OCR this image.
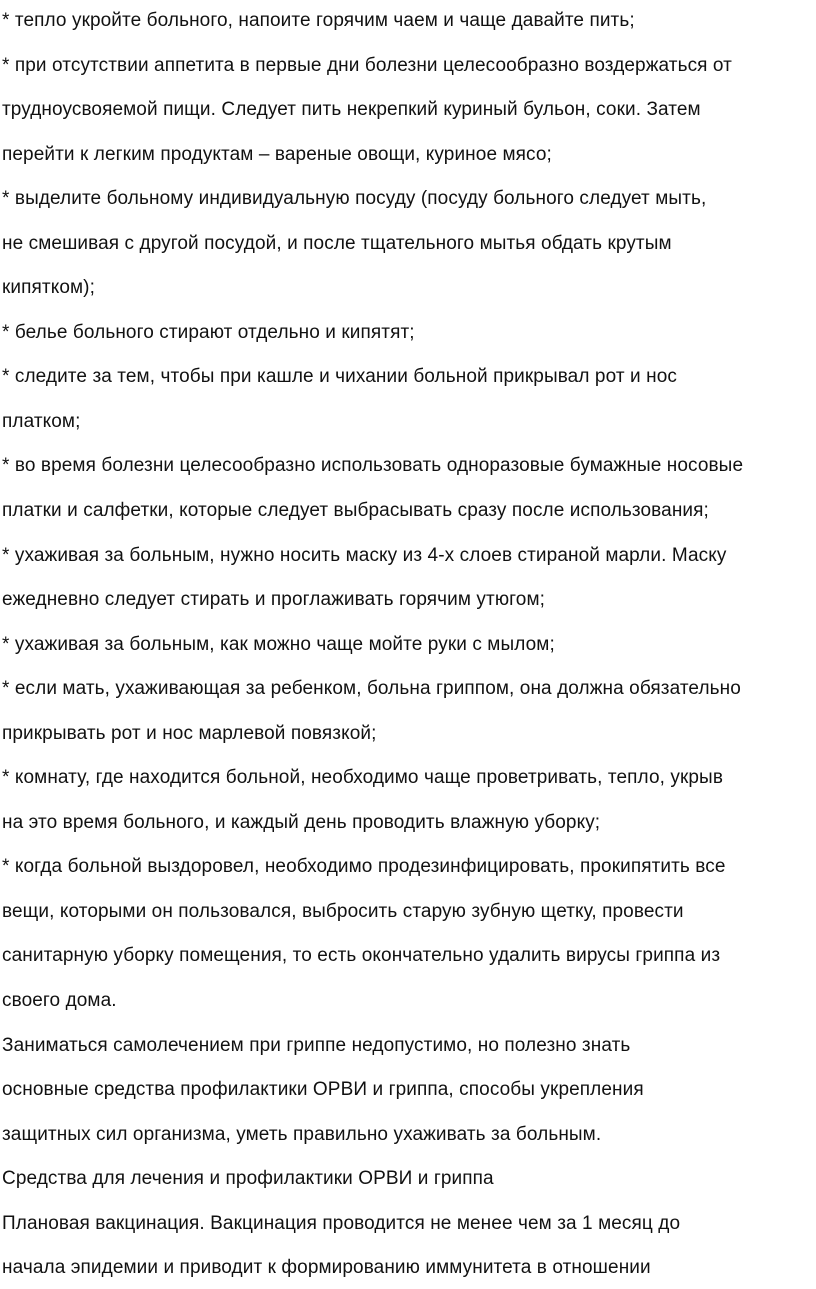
* тепло укройте больного, напоите горячим чаем и чаще давайте пить;
* при отсутствии аппетита в первые дни болезни целесообразно воздержаться от
трудноусвояемой пищи. Следует пить некрепкий куриный бульон, соки. Затем
перейти к легким продуктам – вареные овощи, куриное мясо;
* выделите больному индивидуальную посуду (посуду больного следует мыть,
не смешивая с другой посудой, и после тщательного мытья обдать крутым
кипятком);
* белье больного стирают отдельно и кипятят;
* следите за тем, чтобы при кашле и чихании больной прикрывал рот и нос
платком;
* во время болезни целесообразно использовать одноразовые бумажные носовые
платки и салфетки, которые следует выбрасывать сразу после использования;
* ухаживая за больным, нужно носить маску из 4-х слоев стираной марли. Маску
ежедневно следует стирать и проглаживать горячим утюгом;
* ухаживая за больным, как можно чаще мойте руки с мылом;
* если мать, ухаживающая за ребенком, больна гриппом, она должна обязательно
прикрывать рот и нос марлевой повязкой;
* комнату, где находится больной, необходимо чаще проветривать, тепло, укрыв
на это время больного, и каждый день проводить влажную уборку;
* когда больной выздоровел, необходимо продезинфицировать, прокипятить все
вещи, которыми он пользовался, выбросить старую зубную щетку, провести
санитарную уборку помещения, то есть окончательно удалить вирусы гриппа из
своего дома.
Заниматься самолечением при гриппе недопустимо, но полезно знать
основные средства профилактики ОРВИ и гриппа, способы укрепления
защитных сил организма, уметь правильно ухаживать за больным.
Средства для лечения и профилактики ОРВИ и гриппа
Плановая вакцинация. Вакцинация проводится не менее чем за 1 месяц до
начала эпидемии и приводит к формированию иммунитета в отношении
